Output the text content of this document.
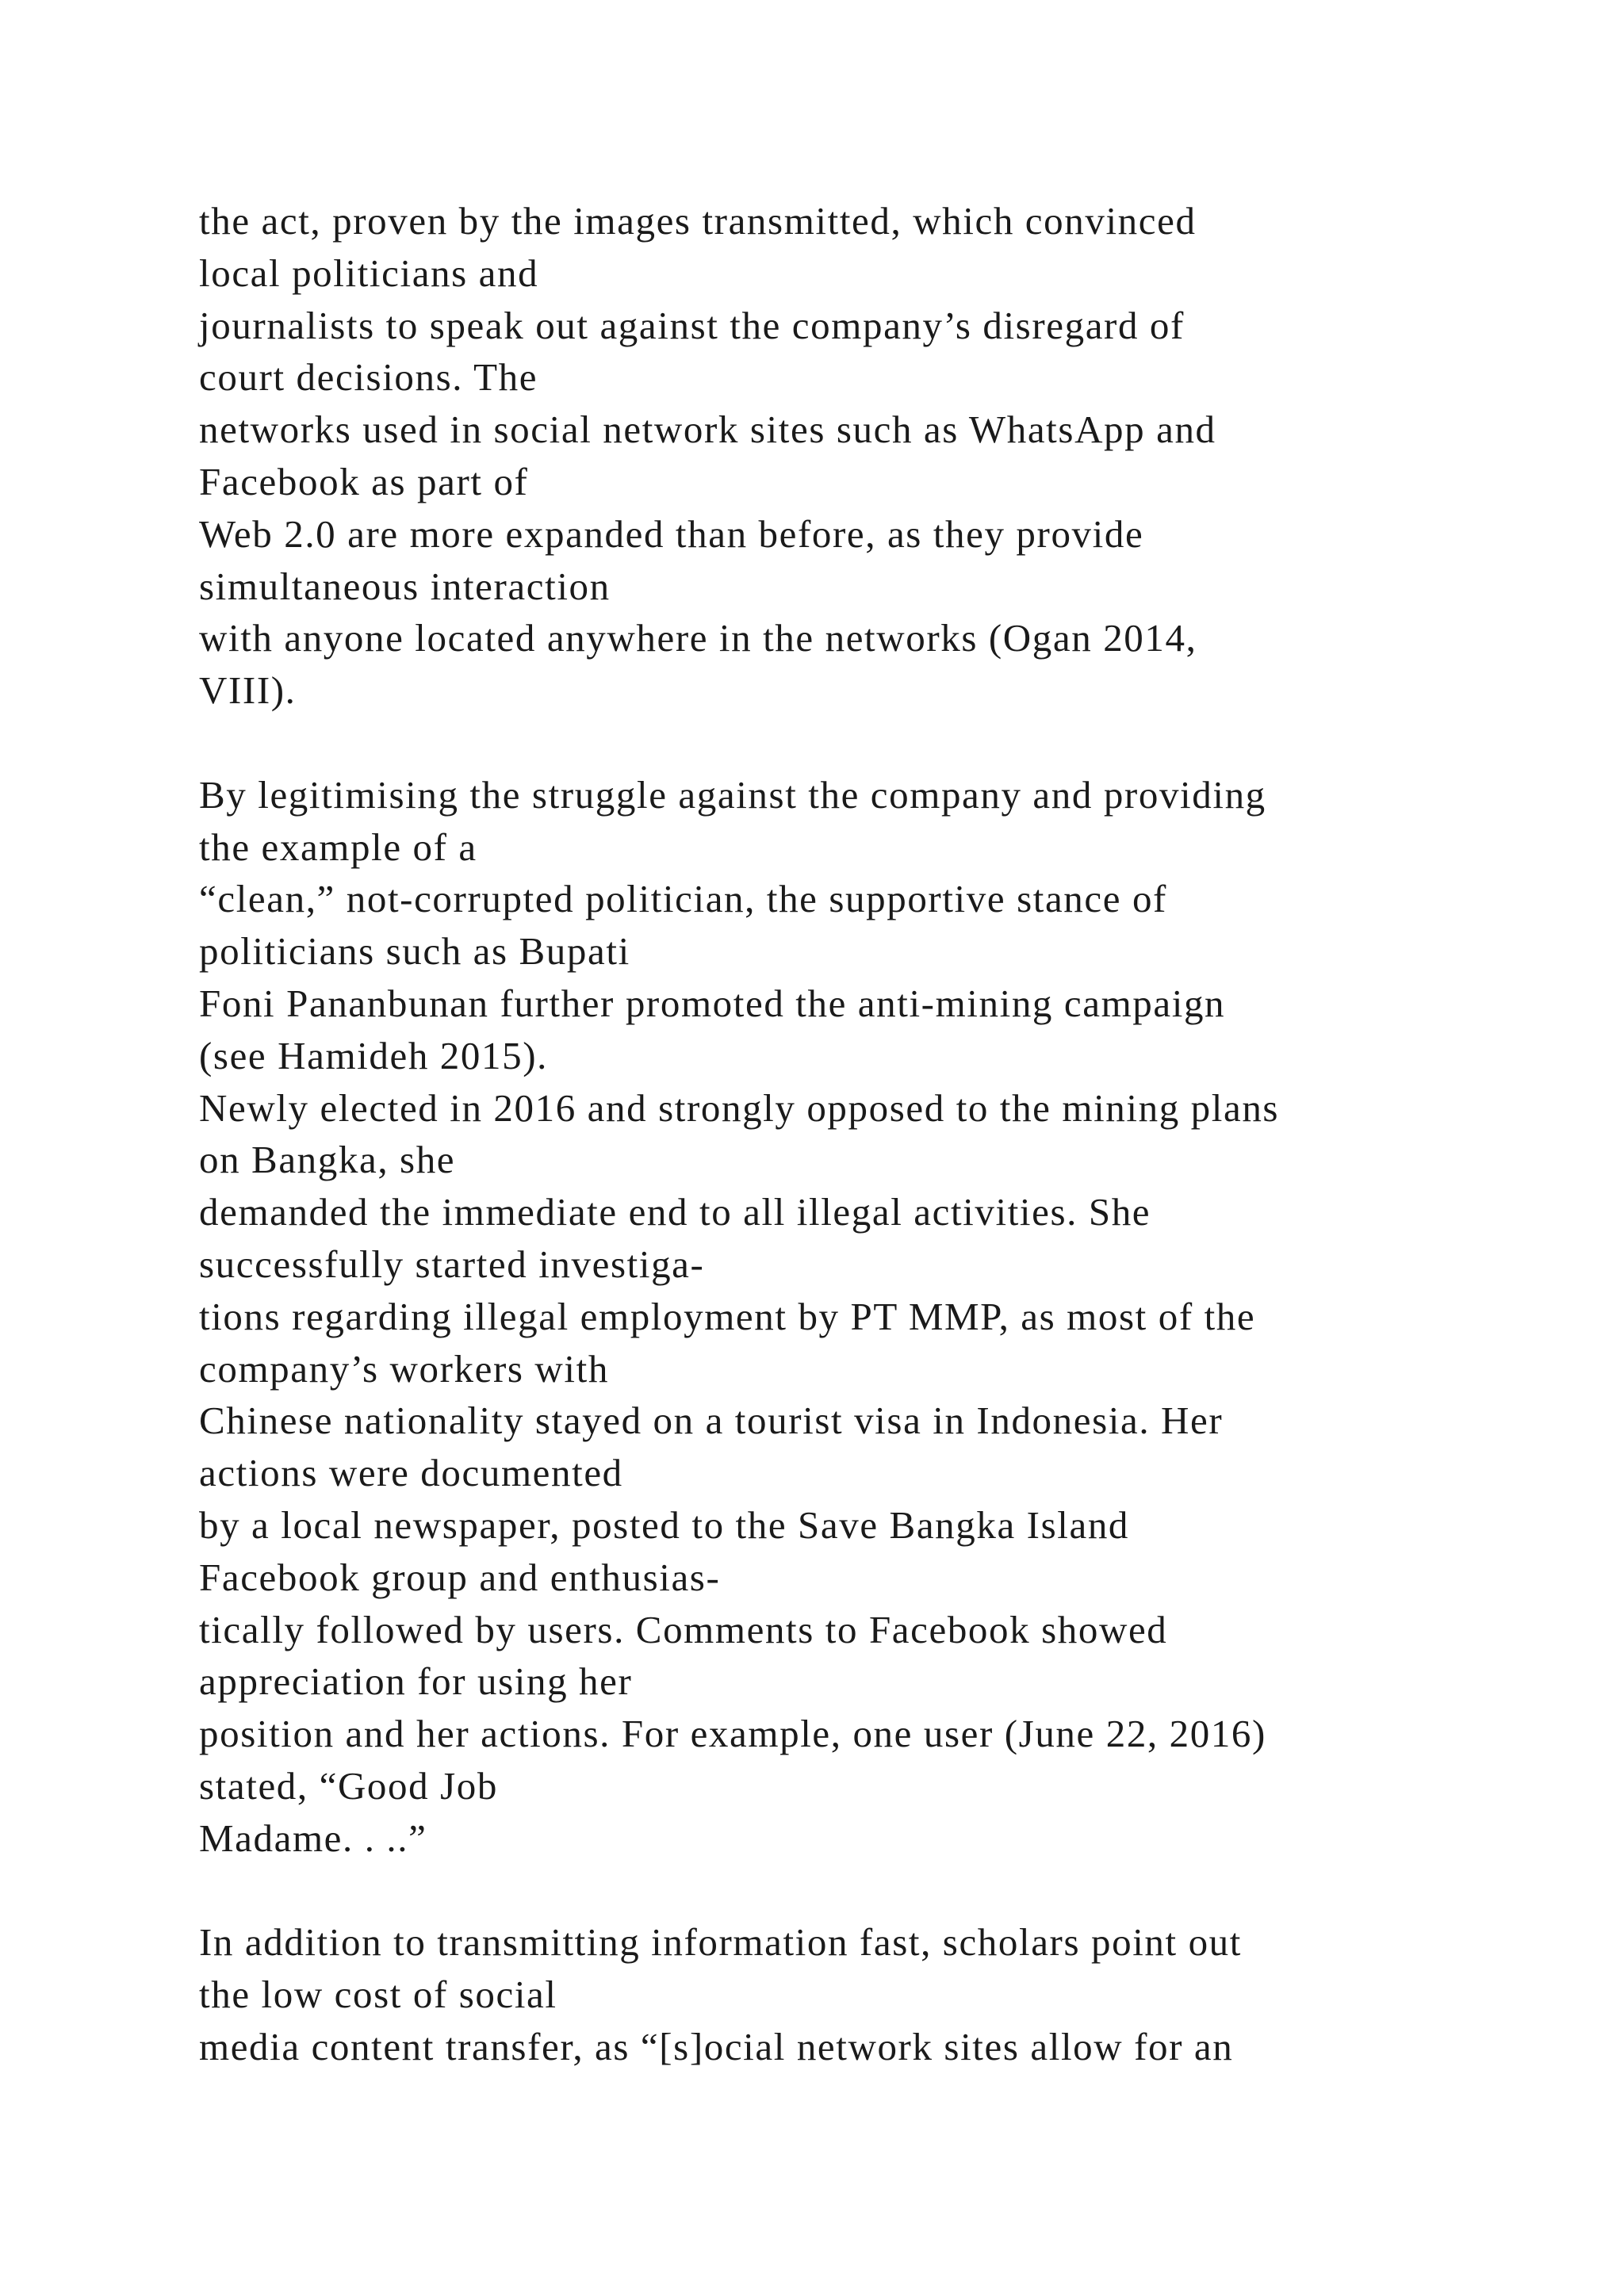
the act, proven by the images transmitted, which convinced
local politicians and
journalists to speak out against the company’s disregard of
court decisions. The
networks used in social network sites such as WhatsApp and
Facebook as part of
Web 2.0 are more expanded than before, as they provide
simultaneous interaction
with anyone located anywhere in the networks (Ogan 2014,
VIII).
By legitimising the struggle against the company and providing
the example of a
“clean,” not-corrupted politician, the supportive stance of
politicians such as Bupati
Foni Pananbunan further promoted the anti-mining campaign
(see Hamideh 2015).
Newly elected in 2016 and strongly opposed to the mining plans
on Bangka, she
demanded the immediate end to all illegal activities. She
successfully started investiga-
tions regarding illegal employment by PT MMP, as most of the
company’s workers with
Chinese nationality stayed on a tourist visa in Indonesia. Her
actions were documented
by a local newspaper, posted to the Save Bangka Island
Facebook group and enthusias-
tically followed by users. Comments to Facebook showed
appreciation for using her
position and her actions. For example, one user (June 22, 2016)
stated, “Good Job
Madame. . ..”
In addition to transmitting information fast, scholars point out
the low cost of social
media content transfer, as “[s]ocial network sites allow for an
